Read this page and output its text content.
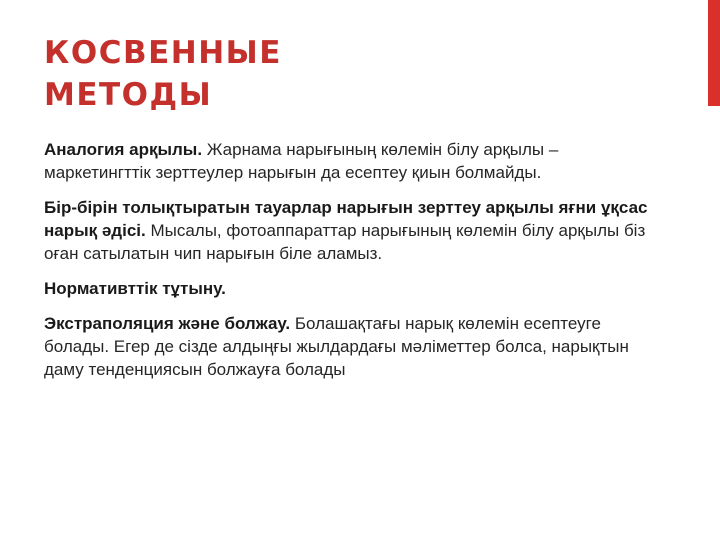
КОСВЕННЫЕ
МЕТОДЫ

Аналогия арқылы. Жарнама нарығының көлемін білу арқылы – маркетингттік зерттеулер нарығын да есептеу қиын болмайды.

Бір-бірін толықтыратын тауарлар нарығын зерттеу арқылы яғни ұқсас нарық әдісі. Мысалы, фотоаппараттар нарығының көлемін білу арқылы біз оған сатылатын чип нарығын біле аламыз.

Нормативттік тұтыну.

Экстраполяция және болжау. Болашақтағы нарық көлемін есептеуге болады. Егер де сізде алдыңғы жылдардағы мәліметтер болса, нарықтын даму тенденциясын болжауға болады
